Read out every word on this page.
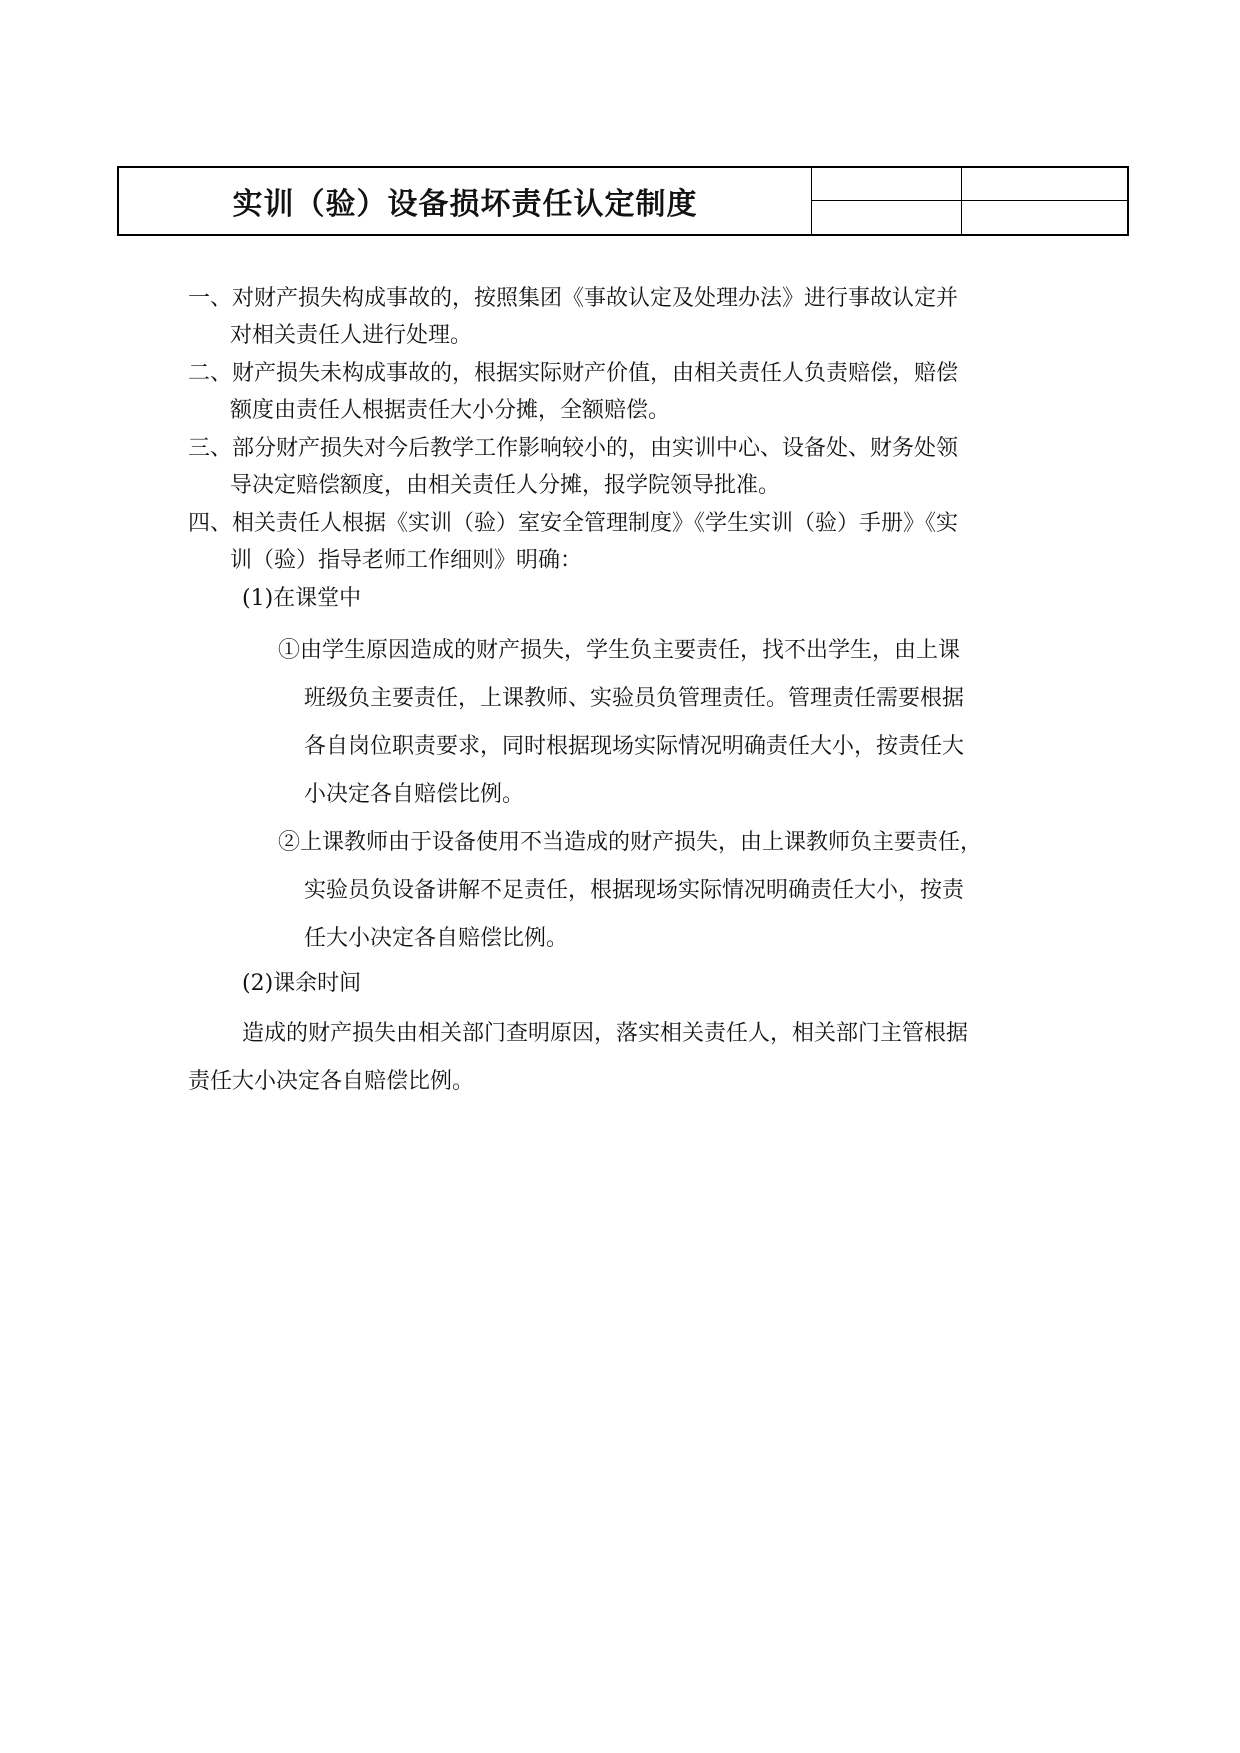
实训（验）设备损坏责任认定制度
一、对财产损失构成事故的，按照集团《事故认定及处理办法》进行事故认定并
对相关责任人进行处理。
二、财产损失未构成事故的，根据实际财产价值，由相关责任人负责赔偿，赔偿
额度由责任人根据责任大小分摊，全额赔偿。
三、部分财产损失对今后教学工作影响较小的，由实训中心、设备处、财务处领
导决定赔偿额度，由相关责任人分摊，报学院领导批准。
四、相关责任人根据《实训（验）室安全管理制度》《学生实训（验）手册》《实
训（验）指导老师工作细则》明确：
(1)在课堂中
①由学生原因造成的财产损失，学生负主要责任，找不出学生，由上课
班级负主要责任，上课教师、实验员负管理责任。管理责任需要根据
各自岗位职责要求，同时根据现场实际情况明确责任大小，按责任大
小决定各自赔偿比例。
②上课教师由于设备使用不当造成的财产损失，由上课教师负主要责任，
实验员负设备讲解不足责任，根据现场实际情况明确责任大小，按责
任大小决定各自赔偿比例。
(2)课余时间
造成的财产损失由相关部门查明原因，落实相关责任人，相关部门主管根据
责任大小决定各自赔偿比例。
